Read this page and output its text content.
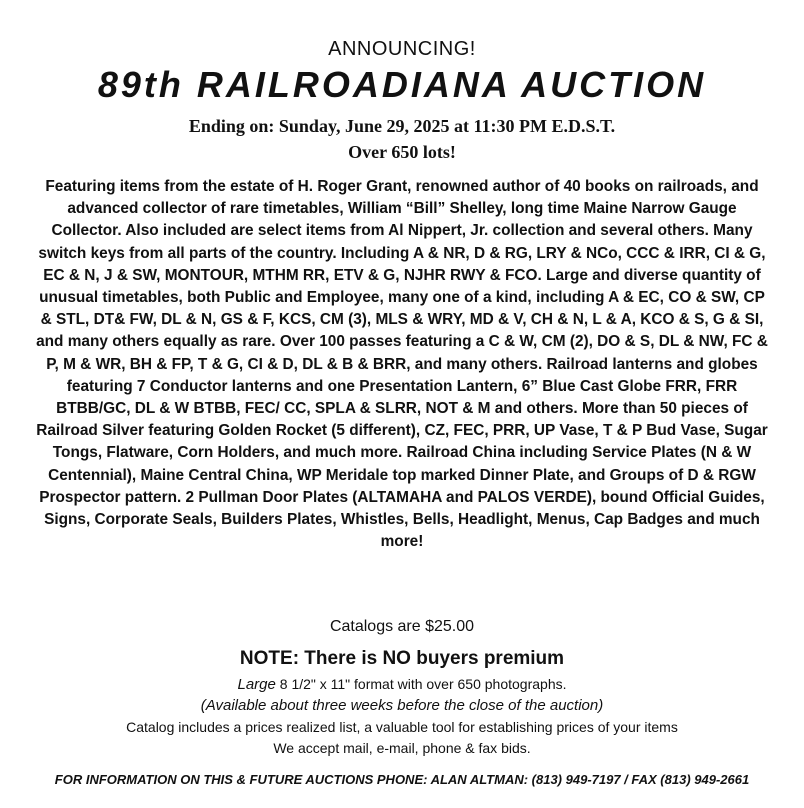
ANNOUNCING!
89th RAILROADIANA AUCTION
Ending on: Sunday, June 29, 2025 at 11:30 PM E.D.S.T.
Over 650 lots!

Featuring items from the estate of H. Roger Grant, renowned author of 40 books on railroads, and advanced collector of rare timetables, William “Bill” Shelley, long time Maine Narrow Gauge Collector. Also included are select items from Al Nippert, Jr. collection and several others. Many switch keys from all parts of the country. Including A & NR, D & RG, LRY & NCo, CCC & IRR, CI & G, EC & N, J & SW, MONTOUR, MTHM RR, ETV & G, NJHR RWY & FCO. Large and diverse quantity of unusual timetables, both Public and Employee, many one of a kind, including A & EC, CO & SW, CP & STL, DT& FW, DL & N, GS & F, KCS, CM (3), MLS & WRY, MD & V, CH & N, L & A, KCO & S, G & SI, and many others equally as rare. Over 100 passes featuring a C & W, CM (2), DO & S, DL & NW, FC & P, M & WR, BH & FP, T & G, CI & D, DL & B & BRR, and many others. Railroad lanterns and globes featuring 7 Conductor lanterns and one Presentation Lantern, 6” Blue Cast Globe FRR, FRR BTBB/GC, DL & W BTBB, FEC/ CC, SPLA & SLRR, NOT & M and others. More than 50 pieces of Railroad Silver featuring Golden Rocket (5 different), CZ, FEC, PRR, UP Vase, T & P Bud Vase, Sugar Tongs, Flatware, Corn Holders, and much more. Railroad China including Service Plates (N & W Centennial), Maine Central China, WP Meridale top marked Dinner Plate, and Groups of D & RGW Prospector pattern. 2 Pullman Door Plates (ALTAMAHA and PALOS VERDE), bound Official Guides, Signs, Corporate Seals, Builders Plates, Whistles, Bells, Headlight, Menus, Cap Badges and much more!

Catalogs are $25.00
NOTE: There is NO buyers premium
Large 8 1/2" x 11" format with over 650 photographs.
(Available about three weeks before the close of the auction)
Catalog includes a prices realized list, a valuable tool for establishing prices of your items
We accept mail, e-mail, phone & fax bids.
FOR INFORMATION ON THIS & FUTURE AUCTIONS PHONE: ALAN ALTMAN: (813) 949-7197 / FAX (813) 949-2661
